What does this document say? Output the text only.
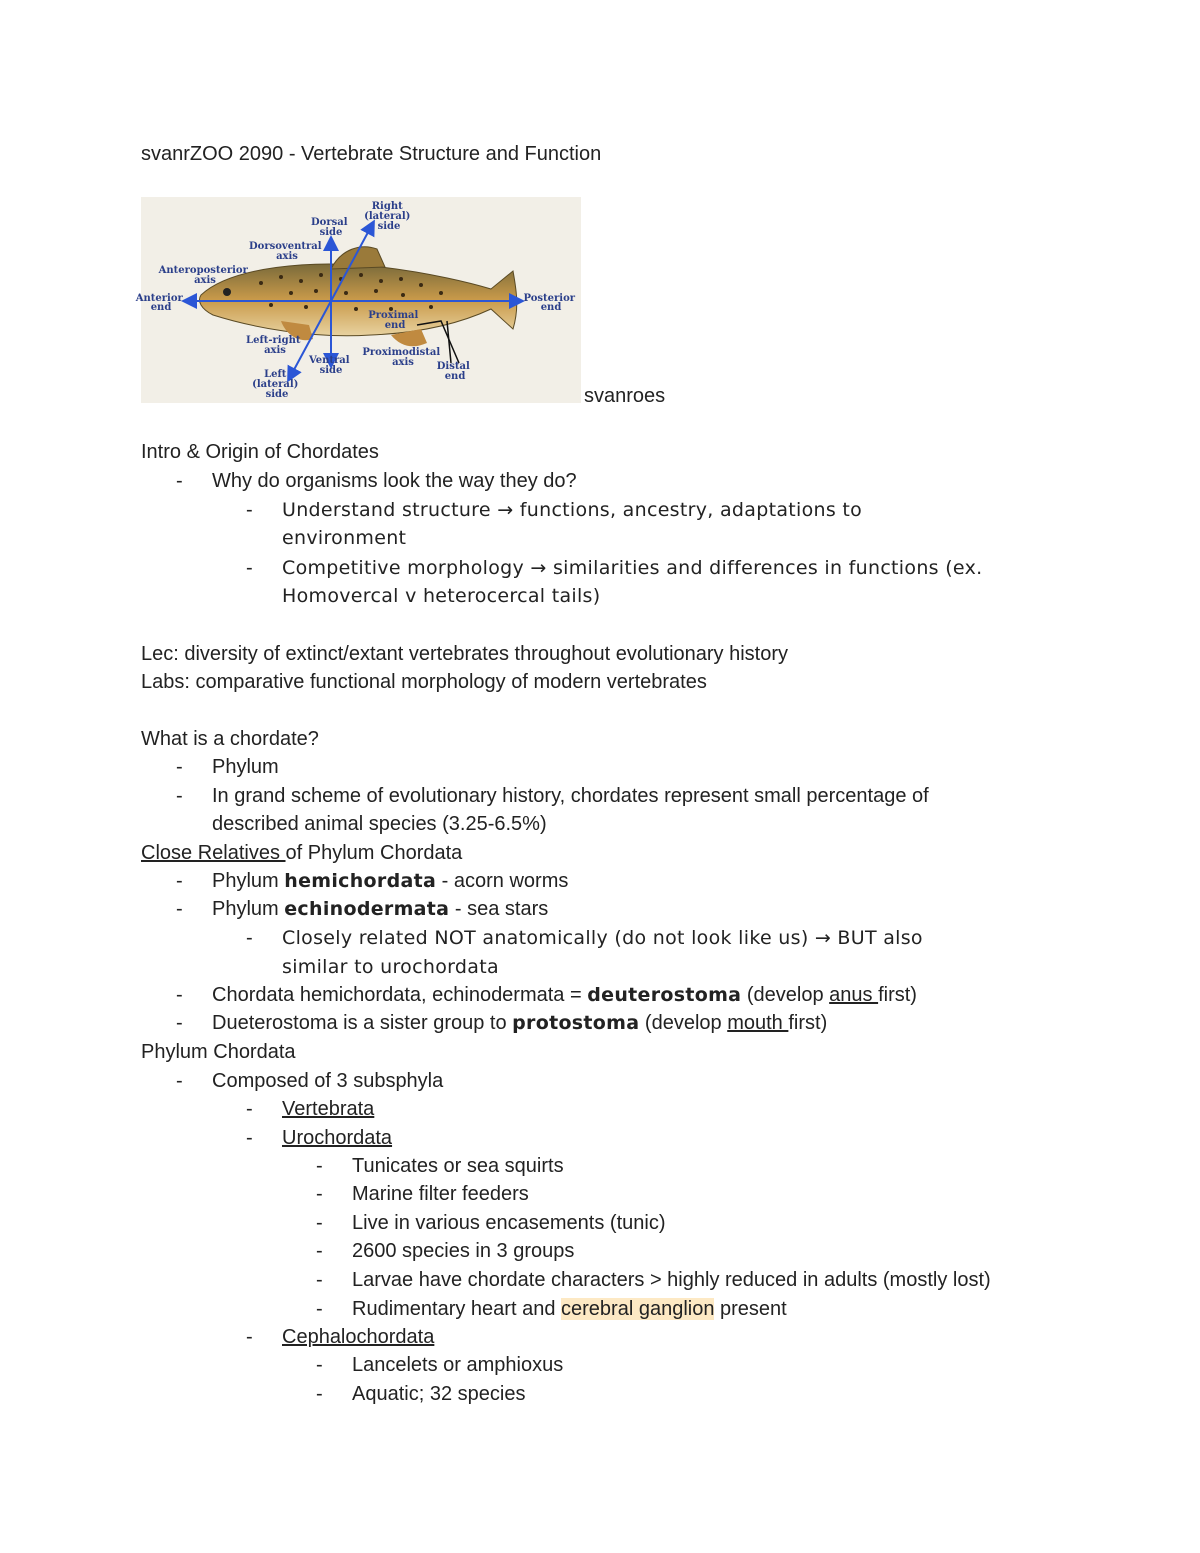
svanrZOO 2090 - Vertebrate Structure and Function
Dorsal side
Right (lateral) side
Dorsoventral axis
Anteroposterior axis
Anterior end
Posterior end
Proximal end
Left-right axis
Ventral side
Proximodistal axis	Distal end
Left (lateral) side	svanroes
Intro & Origin of Chordates
- Why do organisms look the way they do?
- Understand structure → functions, ancestry, adaptations to
environment
- Competitive morphology → similarities and differences in functions (ex.
Homovercal v heterocercal tails)
Lec: diversity of extinct/extant vertebrates throughout evolutionary history
Labs: comparative functional morphology of modern vertebrates
What is a chordate?
- Phylum
- In grand scheme of evolutionary history, chordates represent small percentage of
described animal species (3.25-6.5%)
Close Relatives of Phylum Chordata
- Phylum hemichordata - acorn worms
- Phylum echinodermata - sea stars
- Closely related NOT anatomically (do not look like us) → BUT also
similar to urochordata
- Chordata hemichordata, echinodermata = deuterostoma (develop anus first)
- Dueterostoma is a sister group to protostoma (develop mouth first)
Phylum Chordata
- Composed of 3 subsphyla
- Vertebrata
- Urochordata
- Tunicates or sea squirts
- Marine filter feeders
- Live in various encasements (tunic)
- 2600 species in 3 groups
- Larvae have chordate characters > highly reduced in adults (mostly lost)
- Rudimentary heart and cerebral ganglion present
- Cephalochordata
- Lancelets or amphioxus
- Aquatic; 32 species
